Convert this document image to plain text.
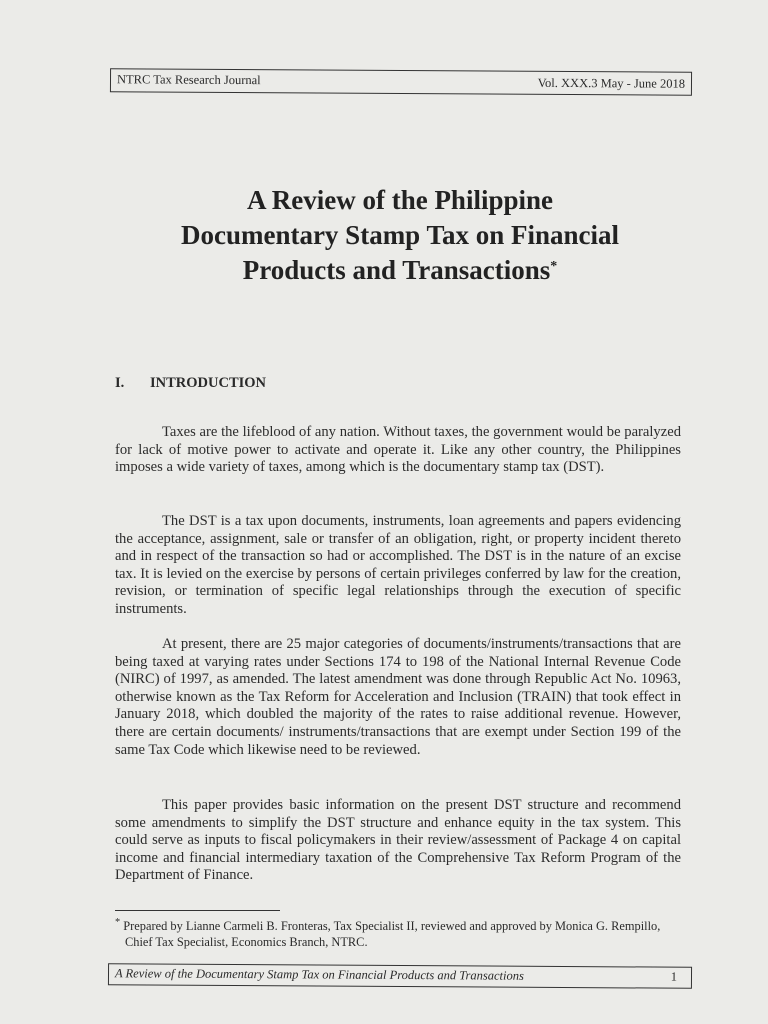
NTRC Tax Research Journal	Vol. XXX.3 May - June 2018
A Review of the Philippine
Documentary Stamp Tax on Financial
Products and Transactions*
I. INTRODUCTION

Taxes are the lifeblood of any nation. Without taxes, the government would be paralyzed for lack of motive power to activate and operate it. Like any other country, the Philippines imposes a wide variety of taxes, among which is the documentary stamp tax (DST).

The DST is a tax upon documents, instruments, loan agreements and papers evidencing the acceptance, assignment, sale or transfer of an obligation, right, or property incident thereto and in respect of the transaction so had or accomplished. The DST is in the nature of an excise tax. It is levied on the exercise by persons of certain privileges conferred by law for the creation, revision, or termination of specific legal relationships through the execution of specific instruments.

At present, there are 25 major categories of documents/instruments/transactions that are being taxed at varying rates under Sections 174 to 198 of the National Internal Revenue Code (NIRC) of 1997, as amended. The latest amendment was done through Republic Act No. 10963, otherwise known as the Tax Reform for Acceleration and Inclusion (TRAIN) that took effect in January 2018, which doubled the majority of the rates to raise additional revenue. However, there are certain documents/ instruments/transactions that are exempt under Section 199 of the same Tax Code which likewise need to be reviewed.

This paper provides basic information on the present DST structure and recommend some amendments to simplify the DST structure and enhance equity in the tax system. This could serve as inputs to fiscal policymakers in their review/assessment of Package 4 on capital income and financial intermediary taxation of the Comprehensive Tax Reform Program of the Department of Finance.

* Prepared by Lianne Carmeli B. Fronteras, Tax Specialist II, reviewed and approved by Monica G. Rempillo,
Chief Tax Specialist, Economics Branch, NTRC.
A Review of the Documentary Stamp Tax on Financial Products and Transactions	1
